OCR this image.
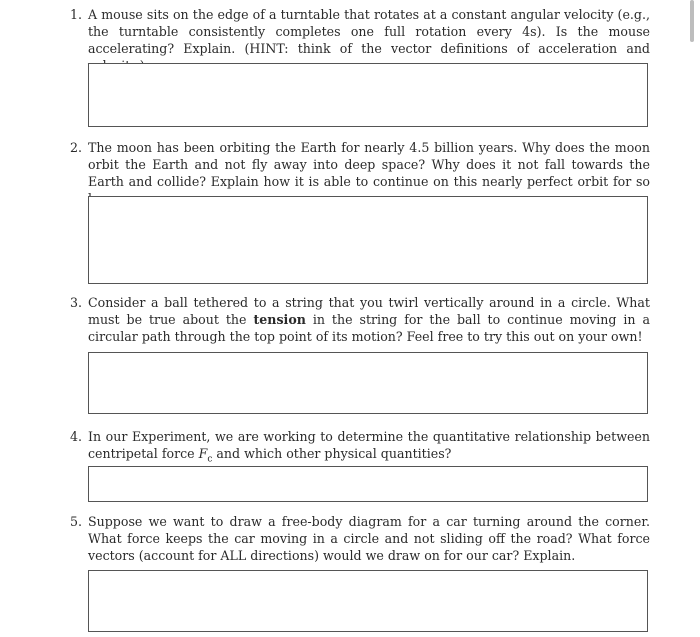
1. A mouse sits on the edge of a turntable that rotates at a constant angular velocity (e.g., the turntable consistently completes one full rotation every 4s). Is the mouse accelerating? Explain. (HINT: think of the vector definitions of acceleration and
2. The moon has been orbiting the Earth for nearly 4.5 billion years. Why does the moon orbit the Earth and not fly away into deep space? Why does it not fall towards the Earth and collide? Explain how it is able to continue on this nearly perfect orbit for so
3. Consider a ball tethered to a string that you twirl vertically around in a circle. What must be true about the tension in the string for the ball to continue moving in a circular path through the top point of its motion? Feel free to try this out on your own!
4. In our Experiment, we are working to determine the quantitative relationship between centripetal force $F_c$ and which other physical quantities?
5. Suppose we want to draw a free-body diagram for a car turning around the corner. What force keeps the car moving in a circle and not sliding off the road? What force vectors (account for ALL directions) would we draw on for our car? Explain.
